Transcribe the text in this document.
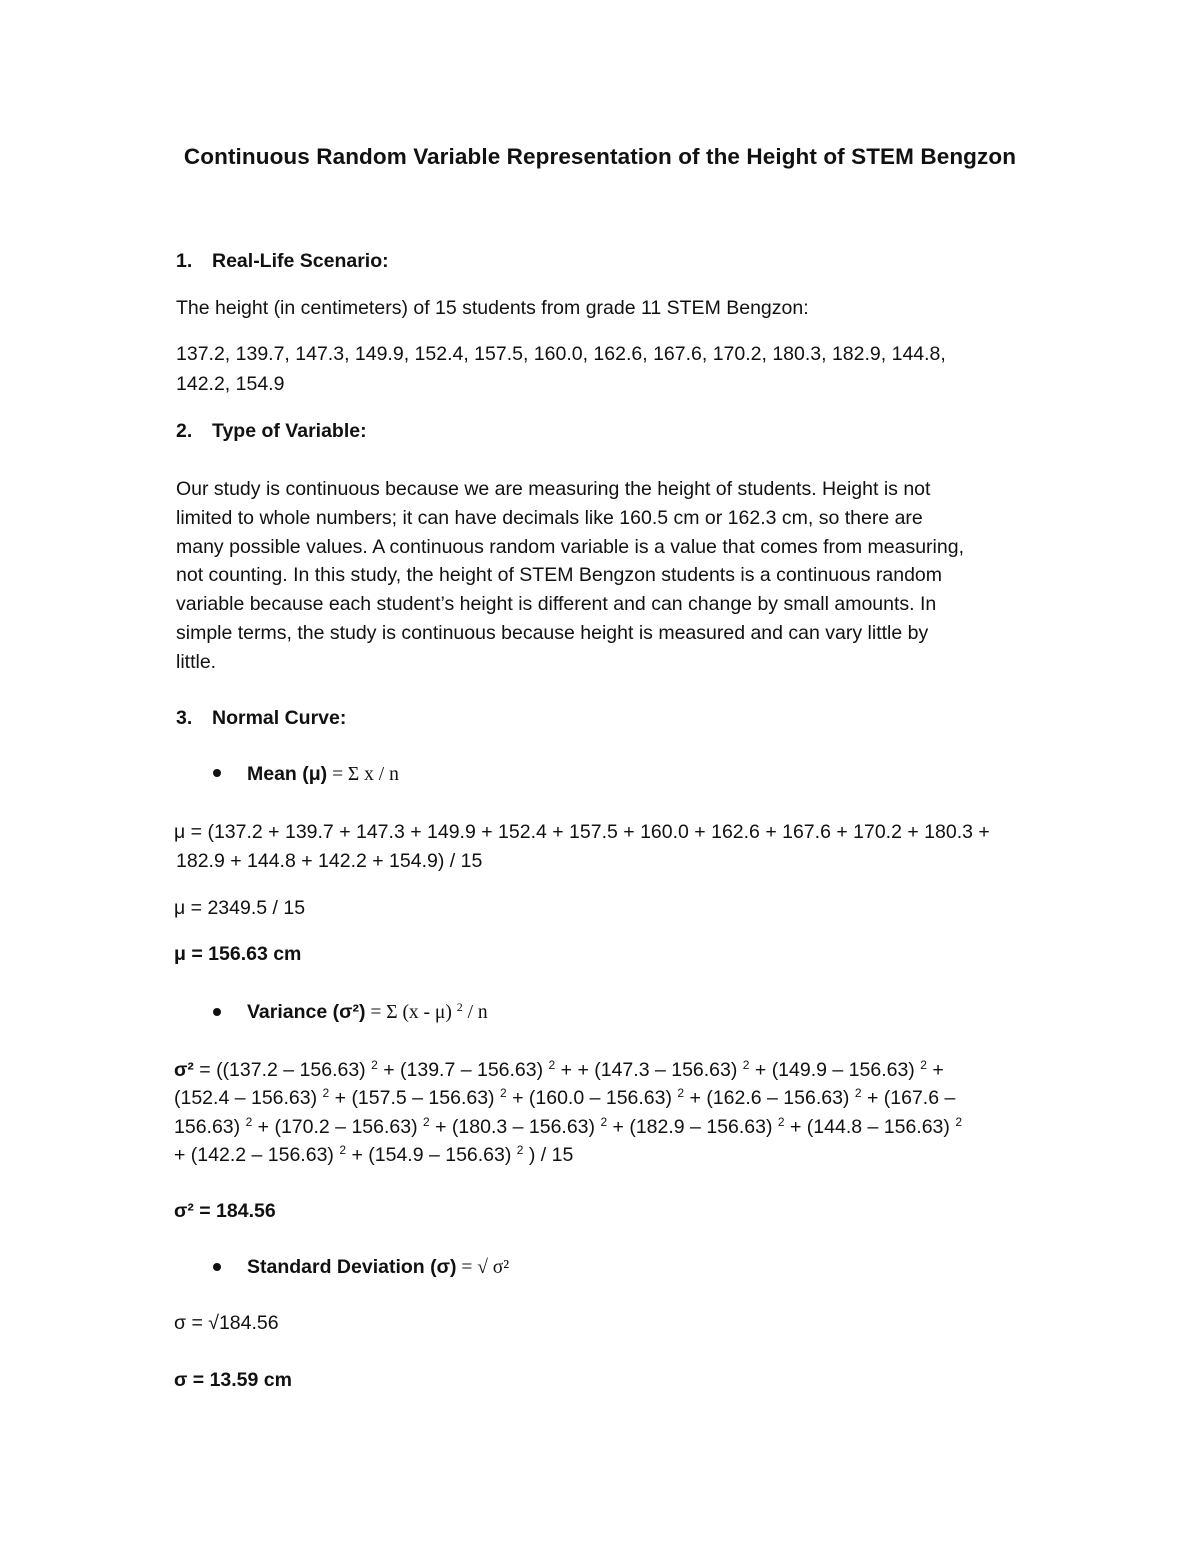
Continuous Random Variable Representation of the Height of STEM Bengzon
1. Real-Life Scenario:
The height (in centimeters) of 15 students from grade 11 STEM Bengzon:
137.2, 139.7, 147.3, 149.9, 152.4, 157.5, 160.0, 162.6, 167.6, 170.2, 180.3, 182.9, 144.8,
142.2, 154.9
2. Type of Variable:
Our study is continuous because we are measuring the height of students. Height is not
limited to whole numbers; it can have decimals like 160.5 cm or 162.3 cm, so there are
many possible values. A continuous random variable is a value that comes from measuring,
not counting. In this study, the height of STEM Bengzon students is a continuous random
variable because each student’s height is different and can change by small amounts. In
simple terms, the study is continuous because height is measured and can vary little by
little.
3. Normal Curve:
Mean (μ) = Σ x / n
μ = (137.2 + 139.7 + 147.3 + 149.9 + 152.4 + 157.5 + 160.0 + 162.6 + 167.6 + 170.2 + 180.3 +
182.9 + 144.8 + 142.2 + 154.9) / 15
μ = 2349.5 / 15
μ = 156.63 cm
Variance (σ²) = Σ (x - μ) $^2$ / n
σ² = ((137.2 – 156.63) $^2$ + (139.7 – 156.63) $^2$ + + (147.3 – 156.63) $^2$ + (149.9 – 156.63) $^2$ +
(152.4 – 156.63) $^2$ + (157.5 – 156.63) $^2$ + (160.0 – 156.63) $^2$ + (162.6 – 156.63) $^2$ + (167.6 –
156.63) $^2$ + (170.2 – 156.63) $^2$ + (180.3 – 156.63) $^2$ + (182.9 – 156.63) $^2$ + (144.8 – 156.63) $^2$
+ (142.2 – 156.63) $^2$ + (154.9 – 156.63) $^2$ ) / 15
σ² = 184.56
Standard Deviation (σ) = √ σ²
σ = √184.56
σ = 13.59 cm
